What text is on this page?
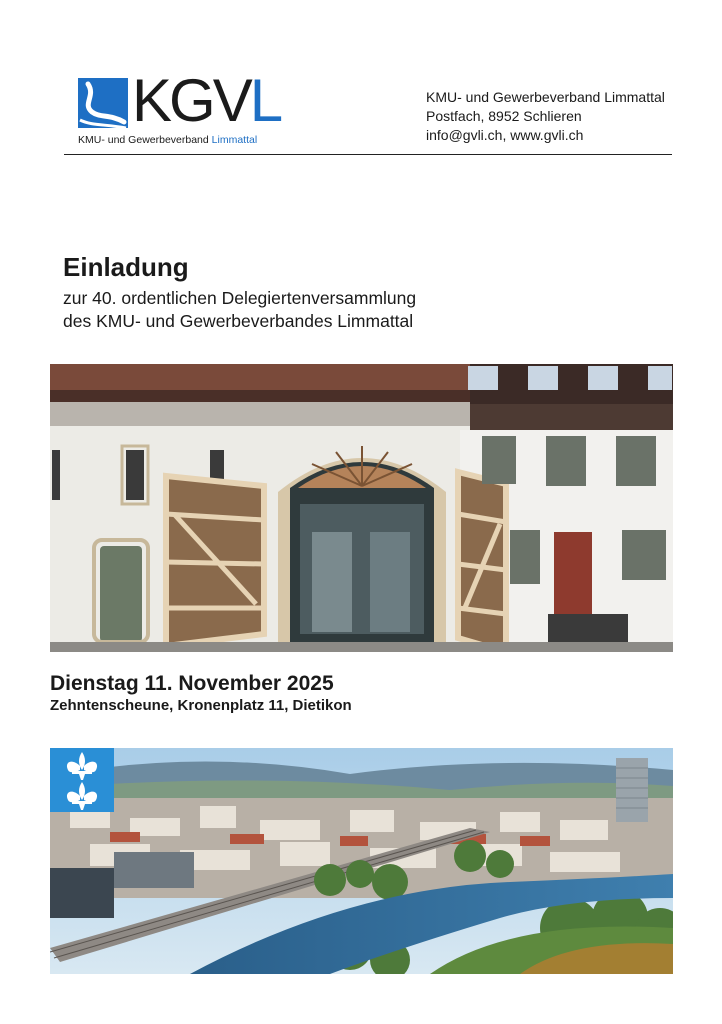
KGVL
KMU- und Gewerbeverband Limmattal
KMU- und Gewerbeverband Limmattal
Postfach, 8952 Schlieren
info@gvli.ch, www.gvli.ch
Einladung
zur 40. ordentlichen Delegiertenversammlung
des KMU- und Gewerbeverbandes Limmattal
Dienstag 11. November 2025
Zehntenscheune, Kronenplatz 11, Dietikon
